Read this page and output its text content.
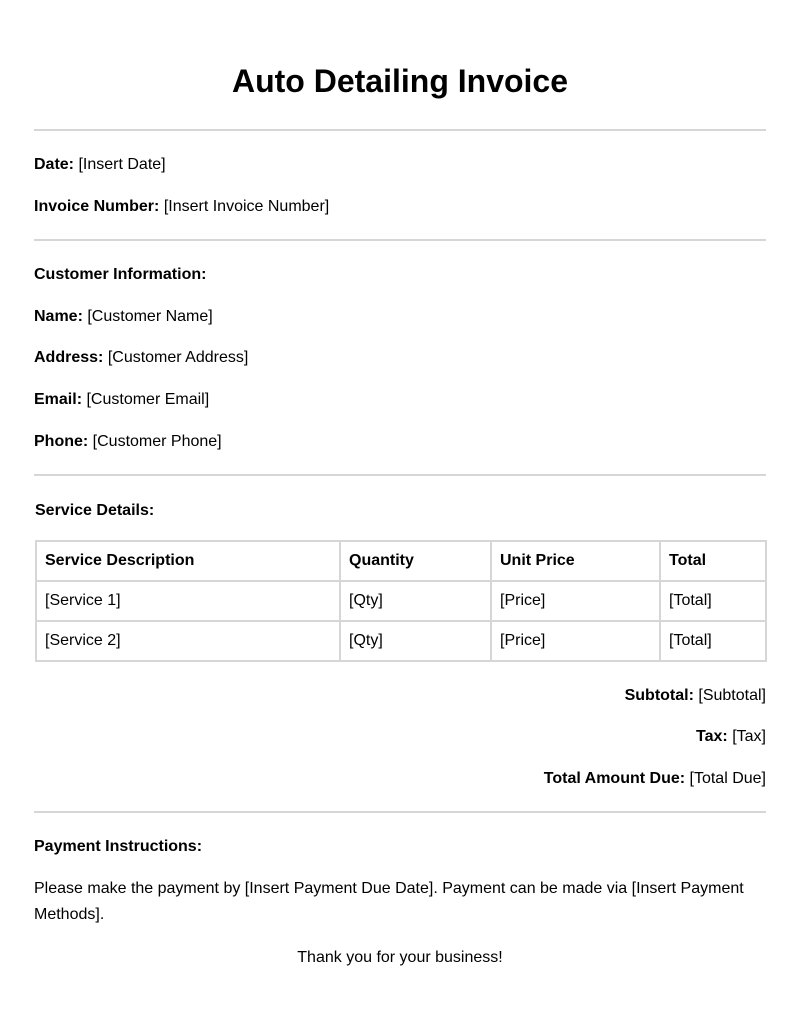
Auto Detailing Invoice

Date: [Insert Date]

Invoice Number: [Insert Invoice Number]

Customer Information:

Name: [Customer Name]

Address: [Customer Address]

Email: [Customer Email]

Phone: [Customer Phone]

Service Details:

Service Description	Quantity	Unit Price	Total
[Service 1]	[Qty]	[Price]	[Total]
[Service 2]	[Qty]	[Price]	[Total]

Subtotal: [Subtotal]

Tax: [Tax]

Total Amount Due: [Total Due]

Payment Instructions:

Please make the payment by [Insert Payment Due Date]. Payment can be made via [Insert Payment Methods].

Thank you for your business!
